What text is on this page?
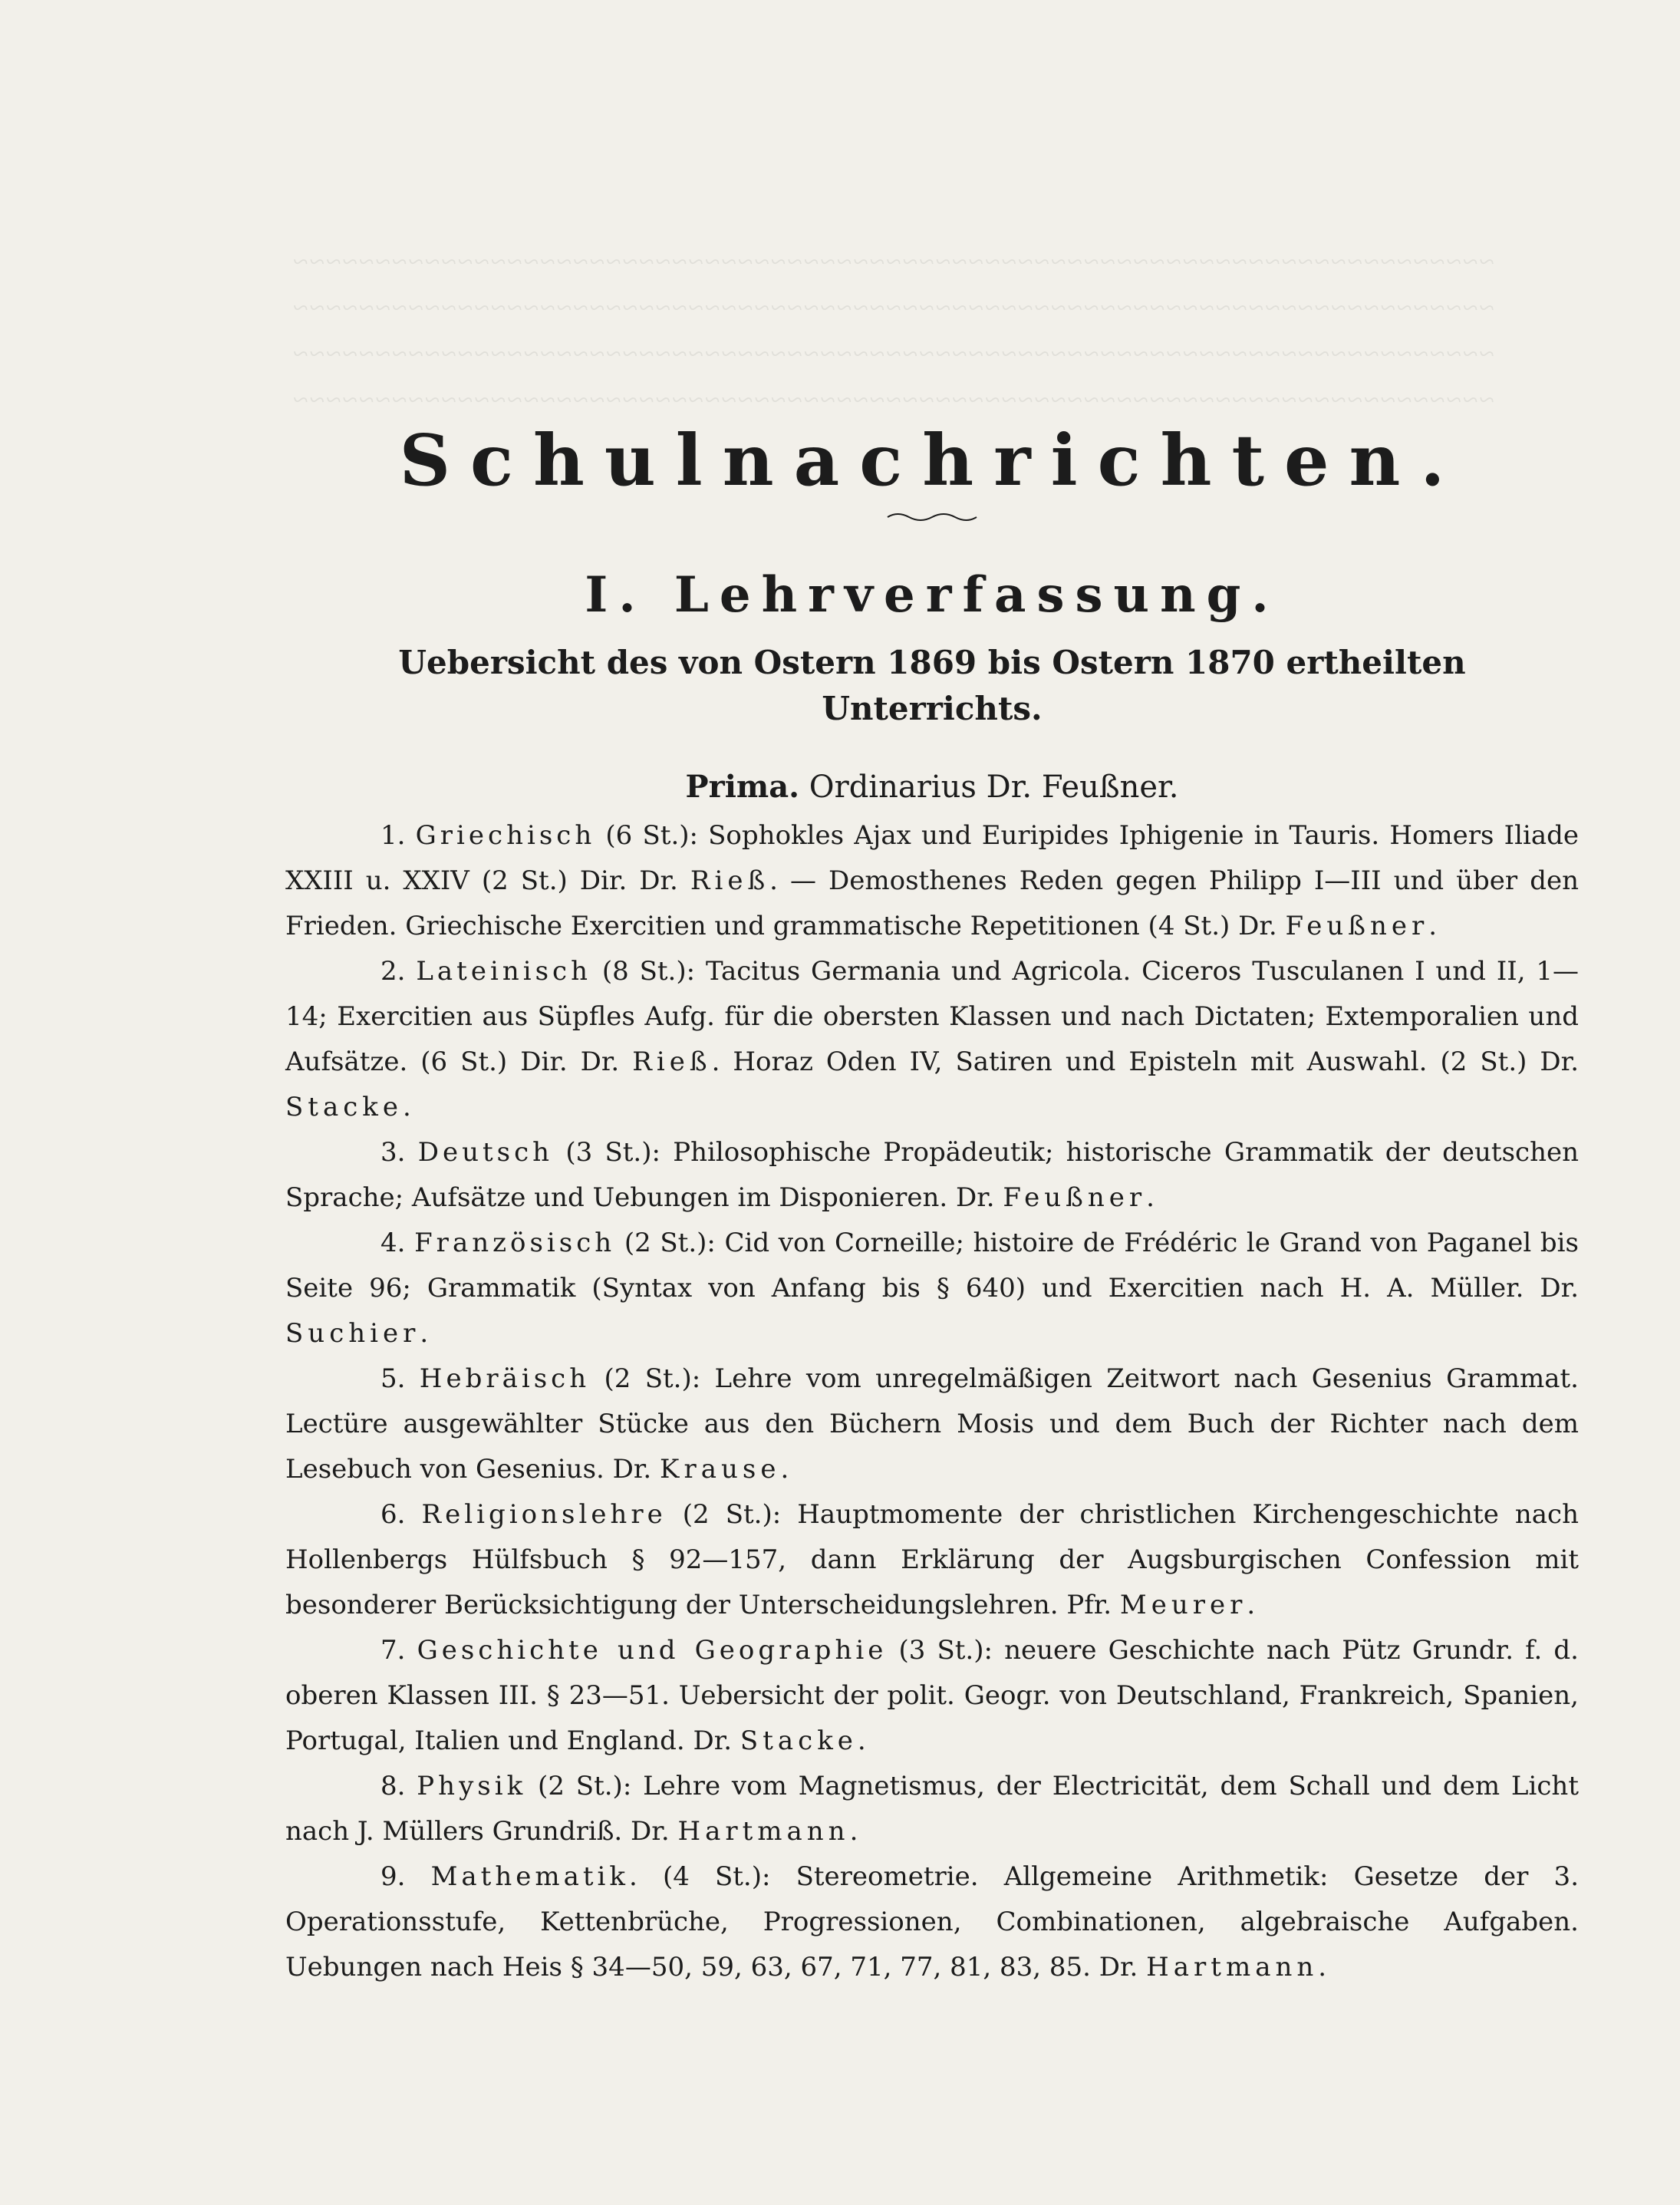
~~~~~~~~~~~~~~~~~~~~~~~~~~~~~~~~~~~~~~~~~~~~~~~~~~~~~~~~~~~~~~~~~~~~~~~~~
~~~~~~~~~~~~~~~~~~~~~~~~~~~~~~~~~~~~~~~~~~~~~~~~~~~~~~~~~~~~~~~~~~~~~~~~~
~~~~~~~~~~~~~~~~~~~~~~~~~~~~~~~~~~~~~~~~~~~~~~~~~~~~~~~~~~~~~~~~~~~~~~~~~
~~~~~~~~~~~~~~~~~~~~~~~~~~~~~~~~~~~~~~~~~~~~~~~~~~~~~~~~~~~~~~~~~~~~~~~~~
Schulnachrichten.
I. Lehrverfassung.
Uebersicht des von Ostern 1869 bis Ostern 1870 ertheilten Unterrichts.
Prima. Ordinarius Dr. Feußner.

1. Griechisch (6 St.): Sophokles Ajax und Euripides Iphigenie in Tauris. Homers Iliade XXIII u. XXIV (2 St.) Dir. Dr. Rieß. — Demosthenes Reden gegen Philipp I—III und über den Frieden. Griechische Exercitien und grammatische Repetitionen (4 St.) Dr. Feußner.

2. Lateinisch (8 St.): Tacitus Germania und Agricola. Ciceros Tusculanen I und II, 1—14; Exercitien aus Süpfles Aufg. für die obersten Klassen und nach Dictaten; Extemporalien und Aufsätze. (6 St.) Dir. Dr. Rieß. Horaz Oden IV, Satiren und Episteln mit Auswahl. (2 St.) Dr. Stacke.

3. Deutsch (3 St.): Philosophische Propädeutik; historische Grammatik der deutschen Sprache; Aufsätze und Uebungen im Disponieren. Dr. Feußner.

4. Französisch (2 St.): Cid von Corneille; histoire de Frédéric le Grand von Paganel bis Seite 96; Grammatik (Syntax von Anfang bis § 640) und Exercitien nach H. A. Müller. Dr. Suchier.

5. Hebräisch (2 St.): Lehre vom unregelmäßigen Zeitwort nach Gesenius Grammat. Lectüre ausgewählter Stücke aus den Büchern Mosis und dem Buch der Richter nach dem Lesebuch von Gesenius. Dr. Krause.

6. Religionslehre (2 St.): Hauptmomente der christlichen Kirchengeschichte nach Hollenbergs Hülfsbuch § 92—157, dann Erklärung der Augsburgischen Confession mit besonderer Berücksichtigung der Unterscheidungslehren. Pfr. Meurer.

7. Geschichte und Geographie (3 St.): neuere Geschichte nach Pütz Grundr. f. d. oberen Klassen III. § 23—51. Uebersicht der polit. Geogr. von Deutschland, Frankreich, Spanien, Portugal, Italien und England. Dr. Stacke.

8. Physik (2 St.): Lehre vom Magnetismus, der Electricität, dem Schall und dem Licht nach J. Müllers Grundriß. Dr. Hartmann.

9. Mathematik. (4 St.): Stereometrie. Allgemeine Arithmetik: Gesetze der 3. Operationsstufe, Kettenbrüche, Progressionen, Combinationen, algebraische Aufgaben. Uebungen nach Heis § 34—50, 59, 63, 67, 71, 77, 81, 83, 85. Dr. Hartmann.
